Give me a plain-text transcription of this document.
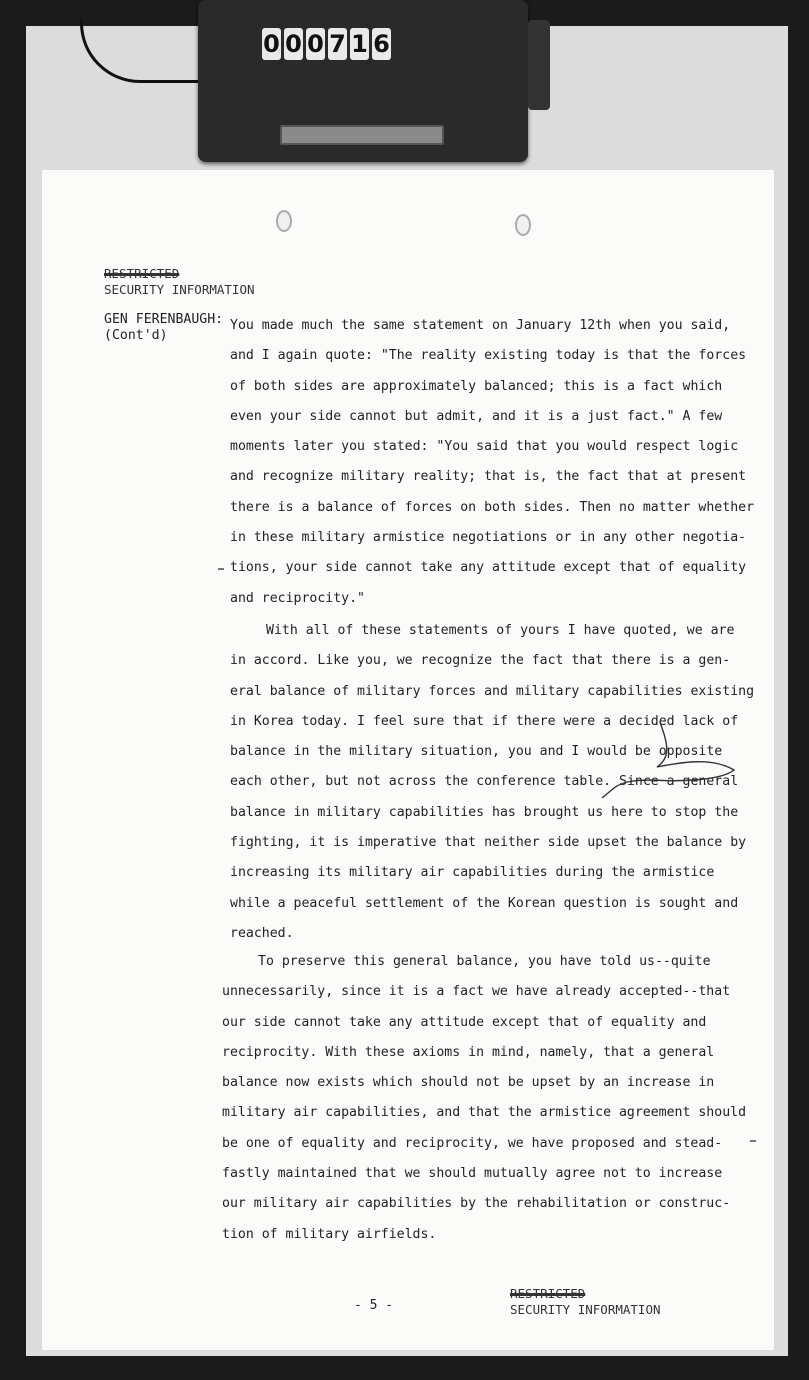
0 0 0 7 1 6
RESTRICTED
SECURITY INFORMATION
GEN FERENBAUGH:
(Cont'd)
You made much the same statement on January 12th when you said,
and I again quote: "The reality existing today is that the forces
of both sides are approximately balanced; this is a fact which
even your side cannot but admit, and it is a just fact." A few
moments later you stated: "You said that you would respect logic
and recognize military reality; that is, the fact that at present
there is a balance of forces on both sides. Then no matter whether
in these military armistice negotiations or in any other negotia-
tions, your side cannot take any attitude except that of equality
and reciprocity."
With all of these statements of yours I have quoted, we are
in accord. Like you, we recognize the fact that there is a gen-
eral balance of military forces and military capabilities existing
in Korea today. I feel sure that if there were a decided lack of
balance in the military situation, you and I would be opposite
each other, but not across the conference table. Since a general
balance in military capabilities has brought us here to stop the
fighting, it is imperative that neither side upset the balance by
increasing its military air capabilities during the armistice
while a peaceful settlement of the Korean question is sought and
reached.
To preserve this general balance, you have told us--quite
unnecessarily, since it is a fact we have already accepted--that
our side cannot take any attitude except that of equality and
reciprocity. With these axioms in mind, namely, that a general
balance now exists which should not be upset by an increase in
military air capabilities, and that the armistice agreement should
be one of equality and reciprocity, we have proposed and stead-
fastly maintained that we should mutually agree not to increase
our military air capabilities by the rehabilitation or construc-
tion of military airfields.
- 5 -
RESTRICTED
SECURITY INFORMATION
